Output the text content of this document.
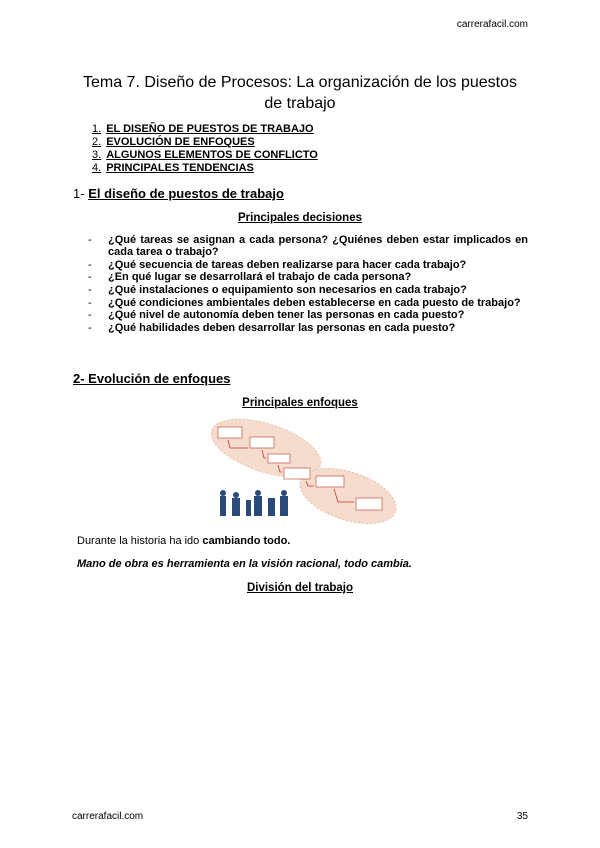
carrerafacil.com
Tema 7. Diseño de Procesos: La organización de los puestos de trabajo
1. EL DISEÑO DE PUESTOS DE TRABAJO
2. EVOLUCIÓN DE ENFOQUES
3. ALGUNOS ELEMENTOS DE CONFLICTO
4. PRINCIPALES TENDENCIAS
1- El diseño de puestos de trabajo
Principales decisiones
-	¿Qué tareas se asignan a cada persona? ¿Quiénes deben estar implicados en cada tarea o trabajo?
-	¿Qué secuencia de tareas deben realizarse para hacer cada trabajo?
-	¿En qué lugar se desarrollará el trabajo de cada persona?
-	¿Qué instalaciones o equipamiento son necesarios en cada trabajo?
-	¿Qué condiciones ambientales deben establecerse en cada puesto de trabajo?
-	¿Qué nivel de autonomía deben tener las personas en cada puesto?
-	¿Qué habilidades deben desarrollar las personas en cada puesto?
2- Evolución de enfoques
Principales enfoques
Durante la historia ha ido cambiando todo.
Mano de obra es herramienta en la visión racional, todo cambia.
División del trabajo
carrerafacil.com	35
